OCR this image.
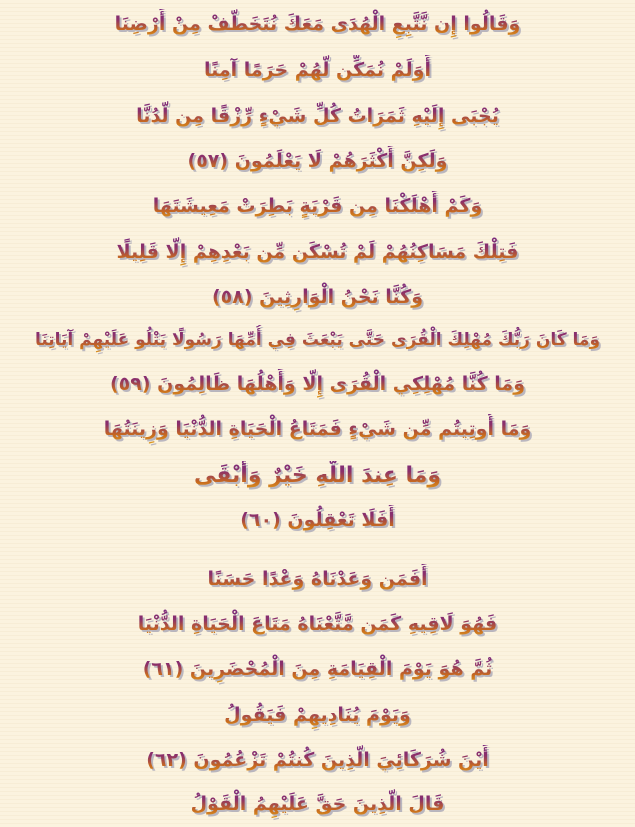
وَقَالُوا إِن نَّتَّبِعِ الْهُدَى مَعَكَ نُتَخَطَّفْ مِنْ أَرْضِنَا
أَوَلَمْ نُمَكِّن لَّهُمْ حَرَمًا آمِنًا
يُجْبَى إِلَيْهِ ثَمَرَاتُ كُلِّ شَيْءٍ رِّزْقًا مِن لَّدُنَّا
وَلَكِنَّ أَكْثَرَهُمْ لَا يَعْلَمُونَ (٥٧)
وَكَمْ أَهْلَكْنَا مِن قَرْيَةٍ بَطِرَتْ مَعِيشَتَهَا
فَتِلْكَ مَسَاكِنُهُمْ لَمْ تُسْكَن مِّن بَعْدِهِمْ إِلَّا قَلِيلًا
وَكُنَّا نَحْنُ الْوَارِثِينَ (٥٨)
وَمَا كَانَ رَبُّكَ مُهْلِكَ الْقُرَى حَتَّى يَبْعَثَ فِي أُمِّهَا رَسُولًا يَتْلُو عَلَيْهِمْ آيَاتِنَا
وَمَا كُنَّا مُهْلِكِي الْقُرَى إِلَّا وَأَهْلُهَا ظَالِمُونَ (٥٩)
وَمَا أُوتِيتُم مِّن شَيْءٍ فَمَتَاعُ الْحَيَاةِ الدُّنْيَا وَزِينَتُهَا
وَمَا عِندَ اللَّهِ خَيْرٌ وَأَبْقَى
أَفَلَا تَعْقِلُونَ (٦٠)
أَفَمَن وَعَدْنَاهُ وَعْدًا حَسَنًا
فَهُوَ لَاقِيهِ كَمَن مَّتَّعْنَاهُ مَتَاعَ الْحَيَاةِ الدُّنْيَا
ثُمَّ هُوَ يَوْمَ الْقِيَامَةِ مِنَ الْمُحْضَرِينَ (٦١)
وَيَوْمَ يُنَادِيهِمْ فَيَقُولُ
أَيْنَ شُرَكَائِيَ الَّذِينَ كُنتُمْ تَزْعُمُونَ (٦٢)
قَالَ الَّذِينَ حَقَّ عَلَيْهِمُ الْقَوْلُ
